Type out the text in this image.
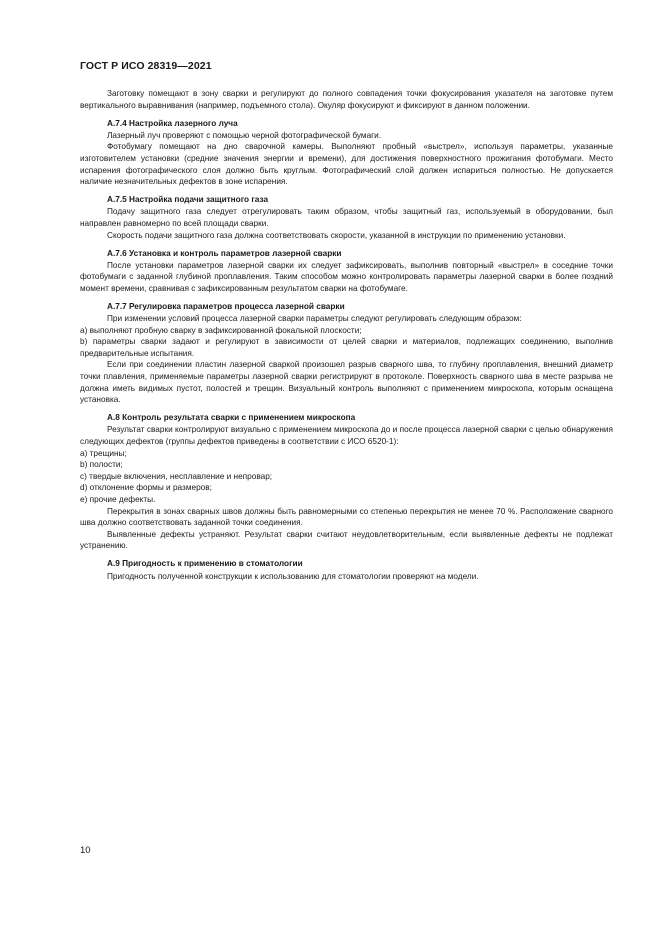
ГОСТ Р ИСО 28319—2021

Заготовку помещают в зону сварки и регулируют до полного совпадения точки фокусирования указателя на заготовке путем вертикального выравнивания (например, подъемного стола). Окуляр фокусируют и фиксируют в данном положении.

А.7.4 Настройка лазерного луча

Лазерный луч проверяют с помощью черной фотографической бумаги.

Фотобумагу помещают на дно сварочной камеры. Выполняют пробный «выстрел», используя параметры, указанные изготовителем установки (средние значения энергии и времени), для достижения поверхностного прожигания фотобумаги. Место испарения фотографического слоя должно быть круглым. Фотографический слой должен испариться полностью. Не допускается наличие незначительных дефектов в зоне испарения.

А.7.5 Настройка подачи защитного газа

Подачу защитного газа следует отрегулировать таким образом, чтобы защитный газ, используемый в оборудовании, был направлен равномерно по всей площади сварки.

Скорость подачи защитного газа должна соответствовать скорости, указанной в инструкции по применению установки.

А.7.6 Установка и контроль параметров лазерной сварки

После установки параметров лазерной сварки их следует зафиксировать, выполнив повторный «выстрел» в соседние точки фотобумаги с заданной глубиной проплавления. Таким способом можно контролировать параметры лазерной сварки в более поздний момент времени, сравнивая с зафиксированным результатом сварки на фотобумаге.

А.7.7 Регулировка параметров процесса лазерной сварки

При изменении условий процесса лазерной сварки параметры следуют регулировать следующим образом:

a) выполняют пробную сварку в зафиксированной фокальной плоскости;

b) параметры сварки задают и регулируют в зависимости от целей сварки и материалов, подлежащих соединению, выполнив предварительные испытания.

Если при соединении пластин лазерной сваркой произошел разрыв сварного шва, то глубину проплавления, внешний диаметр точки плавления, применяемые параметры лазерной сварки регистрируют в протоколе. Поверхность сварного шва в месте разрыва не должна иметь видимых пустот, полостей и трещин. Визуальный контроль выполняют с применением микроскопа, которым оснащена установка.

А.8 Контроль результата сварки с применением микроскопа

Результат сварки контролируют визуально с применением микроскопа до и после процесса лазерной сварки с целью обнаружения следующих дефектов (группы дефектов приведены в соответствии с ИСО 6520-1):

a) трещины;

b) полости;

c) твердые включения, несплавление и непровар;

d) отклонение формы и размеров;

e) прочие дефекты.

Перекрытия в зонах сварных швов должны быть равномерными со степенью перекрытия не менее 70 %. Расположение сварного шва должно соответствовать заданной точки соединения.

Выявленные дефекты устраняют. Результат сварки считают неудовлетворительным, если выявленные дефекты не подлежат устранению.

А.9 Пригодность к применению в стоматологии

Пригодность полученной конструкции к использованию для стоматологии проверяют на модели.

10
